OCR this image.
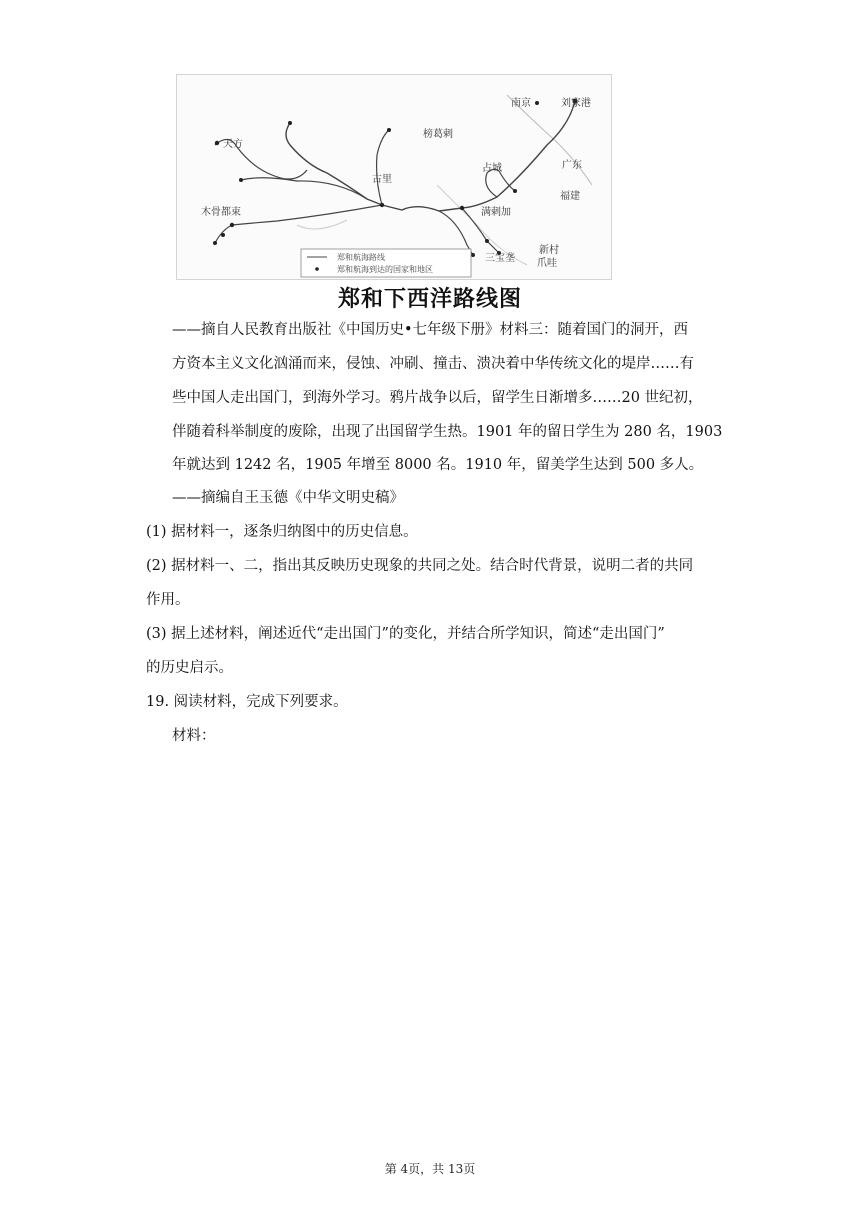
南京	刘家港
天方
古里
榜葛剌
占城
木骨都束	满剌加
三宝垄
新村
爪哇
广东
福建
郑和航海路线
郑和航海到达的国家和地区
郑和下西洋路线图
——摘自人民教育出版社《中国历史•七年级下册》材料三：随着国门的洞开，西
方资本主义文化汹涌而来，侵蚀、冲刷、撞击、溃决着中华传统文化的堤岸……有
些中国人走出国门，到海外学习。鸦片战争以后，留学生日渐增多……20 世纪初，
伴随着科举制度的废除，出现了出国留学生热。1901 年的留日学生为 280 名，1903
年就达到 1242 名，1905 年增至 8000 名。1910 年，留美学生达到 500 多人。
——摘编自王玉德《中华文明史稿》
(1) 据材料一，逐条归纳图中的历史信息。
(2) 据材料一、二，指出其反映历史现象的共同之处。结合时代背景，说明二者的共同
作用。
(3) 据上述材料，阐述近代“走出国门”的变化，并结合所学知识，简述“走出国门”
的历史启示。
19. 阅读材料，完成下列要求。
材料：
第 4页，共 13页
